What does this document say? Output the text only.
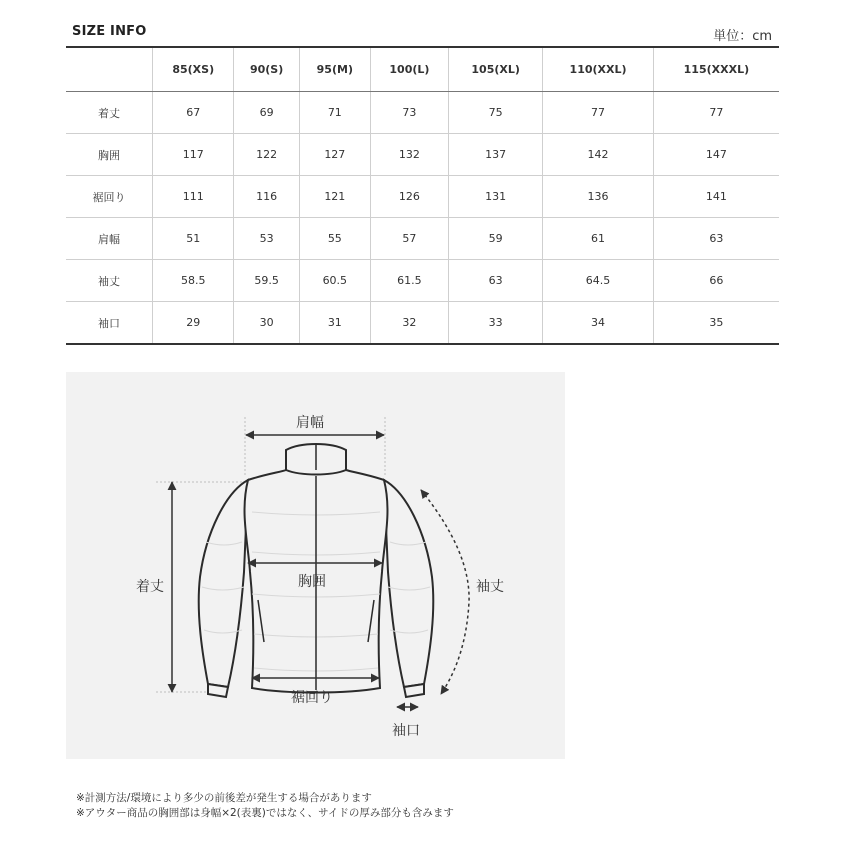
SIZE INFO	単位：cm
	85(XS)	90(S)	95(M)	100(L)	105(XL)	110(XXL)	115(XXXL)
着丈	67	69	71	73	75	77	77
胸囲	117	122	127	132	137	142	147
裾回り	111	116	121	126	131	136	141
肩幅	51	53	55	57	59	61	63
袖丈	58.5	59.5	60.5	61.5	63	64.5	66
袖口	29	30	31	32	33	34	35
肩幅
着丈	胸囲	袖丈
裾回り
袖口
※計測方法/環境により多少の前後差が発生する場合があります
※アウター商品の胸囲部は身幅×2(表裏)ではなく、サイドの厚み部分も含みます
